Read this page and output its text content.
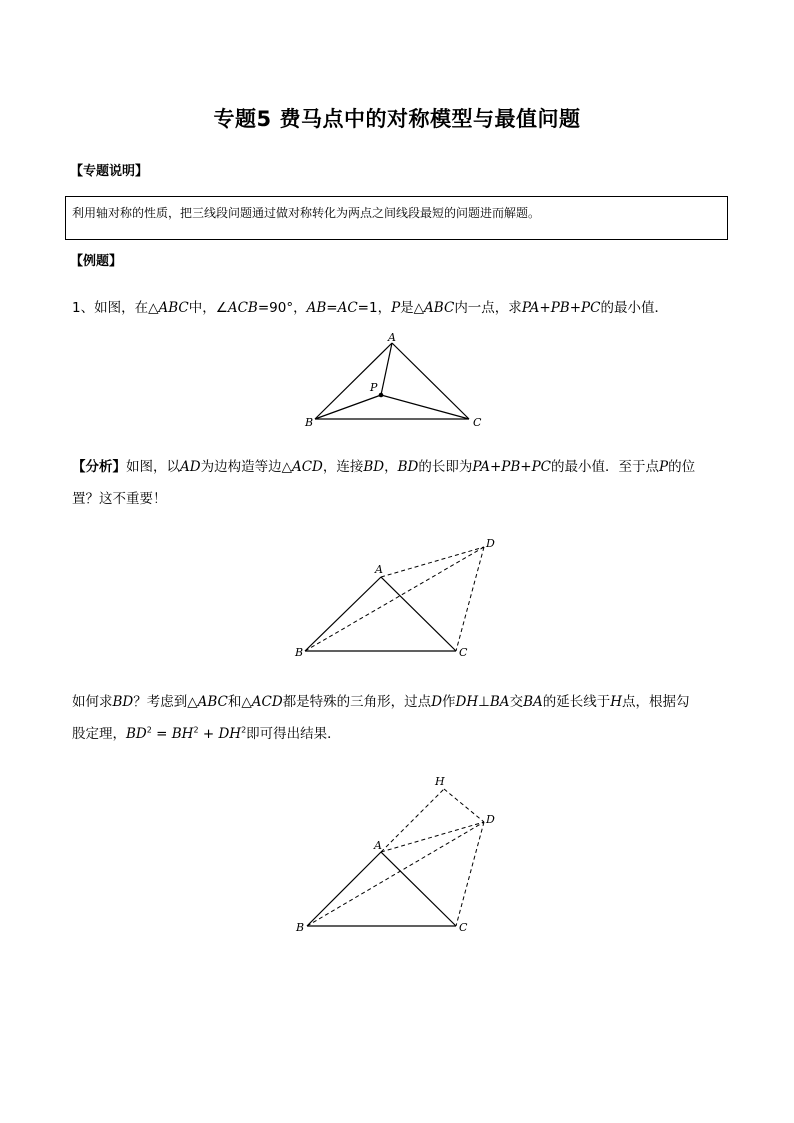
专题5 费马点中的对称模型与最值问题
【专题说明】
利用轴对称的性质，把三线段问题通过做对称转化为两点之间线段最短的问题进而解题。
【例题】
1、如图，在△ABC中，∠ACB=90°，AB=AC=1，P是△ABC内一点，求PA+PB+PC的最小值．
A
B	C
P
【分析】如图，以AD为边构造等边△ACD，连接BD，BD的长即为PA+PB+PC的最小值．至于点P的位
置？这不重要！
A
B	C
D
如何求BD？考虑到△ABC和△ACD都是特殊的三角形，过点D作DH⊥BA交BA的延长线于H点，根据勾
股定理，$BD^2 = BH^2 + DH^2$即可得出结果．
A
B	C
D
H
